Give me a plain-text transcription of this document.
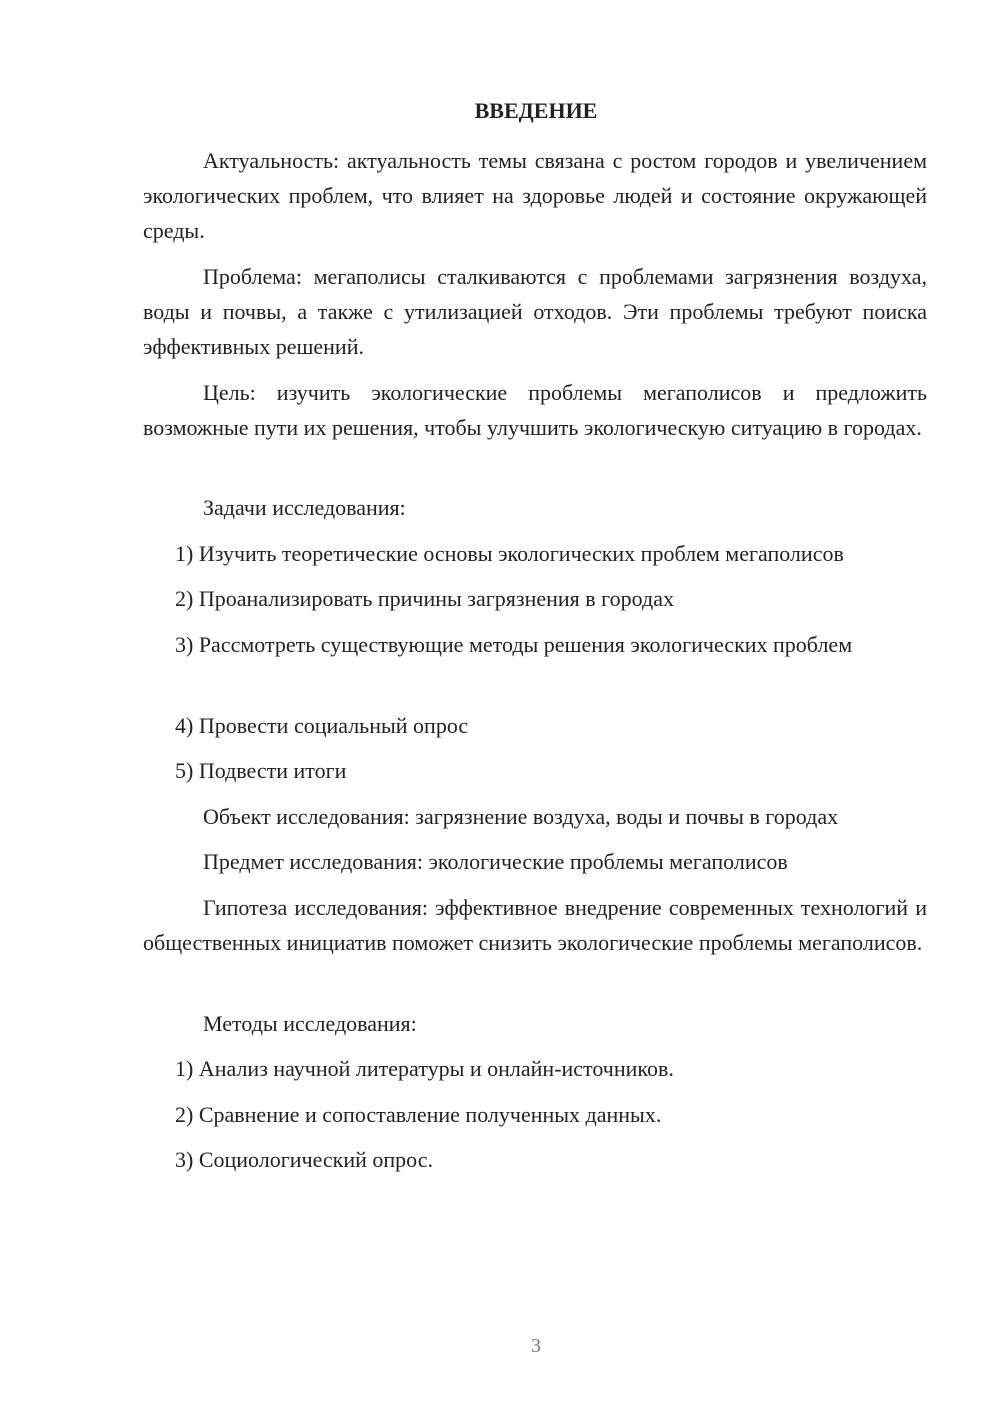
ВВЕДЕНИЕ

Актуальность: актуальность темы связана с ростом городов и увеличением экологических проблем, что влияет на здоровье людей и состояние окружающей среды.

Проблема: мегаполисы сталкиваются с проблемами загрязнения воздуха, воды и почвы, а также с утилизацией отходов. Эти проблемы требуют поиска эффективных решений.

Цель: изучить экологические проблемы мегаполисов и предложить возможные пути их решения, чтобы улучшить экологическую ситуацию в городах.

Задачи исследования:

1) Изучить теоретические основы экологических проблем мегаполисов

2) Проанализировать причины загрязнения в городах

3) Рассмотреть существующие методы решения экологических проблем

4) Провести социальный опрос

5) Подвести итоги

Объект исследования: загрязнение воздуха, воды и почвы в городах

Предмет исследования: экологические проблемы мегаполисов

Гипотеза исследования: эффективное внедрение современных технологий и общественных инициатив поможет снизить экологические проблемы мегаполисов.

Методы исследования:

1) Анализ научной литературы и онлайн-источников.

2) Сравнение и сопоставление полученных данных.

3) Социологический опрос.

3
